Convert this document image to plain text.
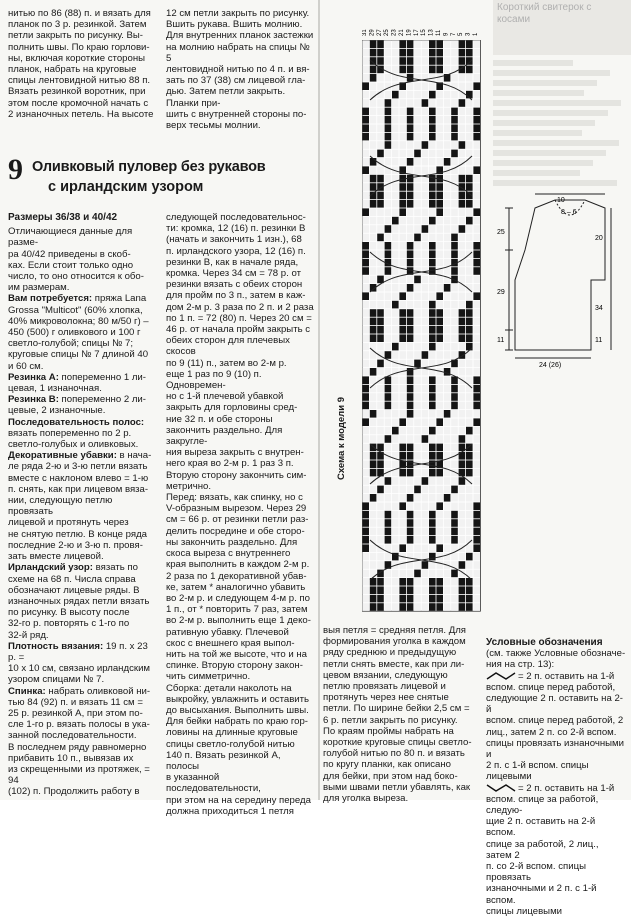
нитью по 86 (88) п. и вязать для

планок по 3 р. резинкой. Затем

петли закрыть по рисунку. Вы-

полнить швы. По краю горлови-

ны, включая короткие стороны

планок, набрать на круговые

спицы лентовидной нитью 88 п.

Вязать резинкой воротник, при

этом после кромочной начать с

2 изнаночных петель. На высоте

12 см петли закрыть по рисунку.

Вшить рукава. Вшить молнию.

Для внутренних планок застежки

на молнию набрать на спицы № 5

лентовидной нитью по 4 п. и вя-

зать по 37 (38) см лицевой гла-

дью. Затем петли закрыть. Планки при-

шить с внутренней стороны по-

верх тесьмы молнии.

9 Оливковый пуловер без рукавов
с ирландским узором

Размеры 36/38 и 40/42

Отличающиеся данные для разме-

ра 40/42 приведены в скоб-

ках. Если стоит только одно

число, то оно относится к обо-

им размерам.

Вам потребуется: пряжа Lana

Grossa "Multicot" (60% хлопка,

40% микроволокна; 80 м/50 г) –

450 (500) г оливкового и 100 г

светло-голубой; спицы № 7;

круговые спицы № 7 длиной 40

и 60 см.

Резинка А: попеременно 1 ли-

цевая, 1 изнаночная.

Резинка В: попеременно 2 ли-

цевые, 2 изнаночные.

Последовательность полос:

вязать попеременно по 2 р.

светло-голубых и оливковых.

Декоративные убавки: в нача-

ле ряда 2-ю и 3-ю петли вязать

вместе с наклоном влево = 1-ю

п. снять, как при лицевом вяза-

нии, следующую петлю провязать

лицевой и протянуть через

не снятую петлю. В конце ряда

последние 2-ю и 3-ю п. провя-

зать вместе лицевой.

Ирландский узор: вязать по

схеме на 68 п. Числа справа

обозначают лицевые ряды. В

изнаночных рядах петли вязать

по рисунку. В высоту после

32-го р. повторять с 1-го по

32-й ряд.

Плотность вязания: 19 п. х 23 р. =

10 х 10 см, связано ирландским

узором спицами № 7.

Спинка: набрать оливковой ни-

тью 84 (92) п. и вязать 11 см =

25 р. резинкой А, при этом по-

сле 1-го р. вязать полосы в ука-

занной последовательности.

В последнем ряду равномерно

прибавить 10 п., вывязав их

из скрещенными из протяжек, = 94

(102) п. Продолжить работу в

следующей последовательнос-

ти: кромка, 12 (16) п. резинки В

(начать и закончить 1 изн.), 68

п. ирландского узора, 12 (16) п.

резинки В, как в начале ряда,

кромка. Через 34 см = 78 р. от

резинки вязать с обеих сторон

для пройм по 3 п., затем в каж-

дом 2-м р. 3 раза по 2 п. и 2 раза

по 1 п. = 72 (80) п. Через 20 см =

46 р. от начала пройм закрыть с

обеих сторон для плечевых скосов

по 9 (11) п., затем во 2-м р.

еще 1 раз по 9 (10) п. Одновремен-

но с 1-й плечевой убавкой

закрыть для горловины сред-

ние 32 п. и обе стороны

закончить раздельно. Для закругле-

ния выреза закрыть с внутрен-

него края во 2-м р. 1 раз 3 п.

Вторую сторону закончить сим-

метрично.

Перед: вязать, как спинку, но с

V-образным вырезом. Через 29

см = 66 р. от резинки петли раз-

делить посредине и обе сторо-

ны закончить раздельно. Для

скоса выреза с внутреннего

края выполнить в каждом 2-м р.

2 раза по 1 декоративной убав-

ке, затем * аналогично убавить

во 2-м р. и следующем 4-м р. по

1 п., от * повторить 7 раз, затем

во 2-м р. выполнить еще 1 деко-

ративную убавку. Плечевой

скос с внешнего края выпол-

нить на той же высоте, что и на

спинке. Вторую сторону закон-

чить симметрично.

Сборка: детали наколоть на

выкройку, увлажнить и оставить

до высыхания. Выполнить швы.

Для бейки набрать по краю гор-

ловины на длинные круговые

спицы светло-голубой нитью

140 п. Вязать резинкой А, полосы

в указанной последовательности,

при этом на на середину переда

должна приходиться 1 петля

31 29 27 25 23 21 19 17 15 13 11 9 7 5 3 1
Схема к модели 9
Короткий свитерок с косами
10
8 – 6
25
29
11
20
34
11
24 (26)

выя петля = средняя петля. Для

формирования уголка в каждом

ряду среднюю и предыдущую

петли снять вместе, как при ли-

цевом вязании, следующую

петлю провязать лицевой и

протянуть через нее снятые

петли. По ширине бейки 2,5 см =

6 р. петли закрыть по рисунку.

По краям проймы набрать на

короткие круговые спицы светло-

голубой нитью по 80 п. и вязать

по кругу планки, как описано

для бейки, при этом над боко-

выми швами петли убавлять, как

для уголка выреза.

Условные обозначения

(см. также Условные обозначе-

ния на стр. 13):

= 2 п. оставить на 1-й

вспом. спице перед работой,

следующие 2 п. оставить на 2-й

вспом. спице перед работой, 2

лиц., затем 2 п. со 2-й вспом.

спицы провязать изнаночными и

2 п. с 1-й вспом. спицы лицевыми

= 2 п. оставить на 1-й

вспом. спице за работой, следую-

щие 2 п. оставить на 2-й вспом.

спице за работой, 2 лиц., затем 2

п. со 2-й вспом. спицы провязать

изнаночными и 2 п. с 1-й вспом.

спицы лицевыми
